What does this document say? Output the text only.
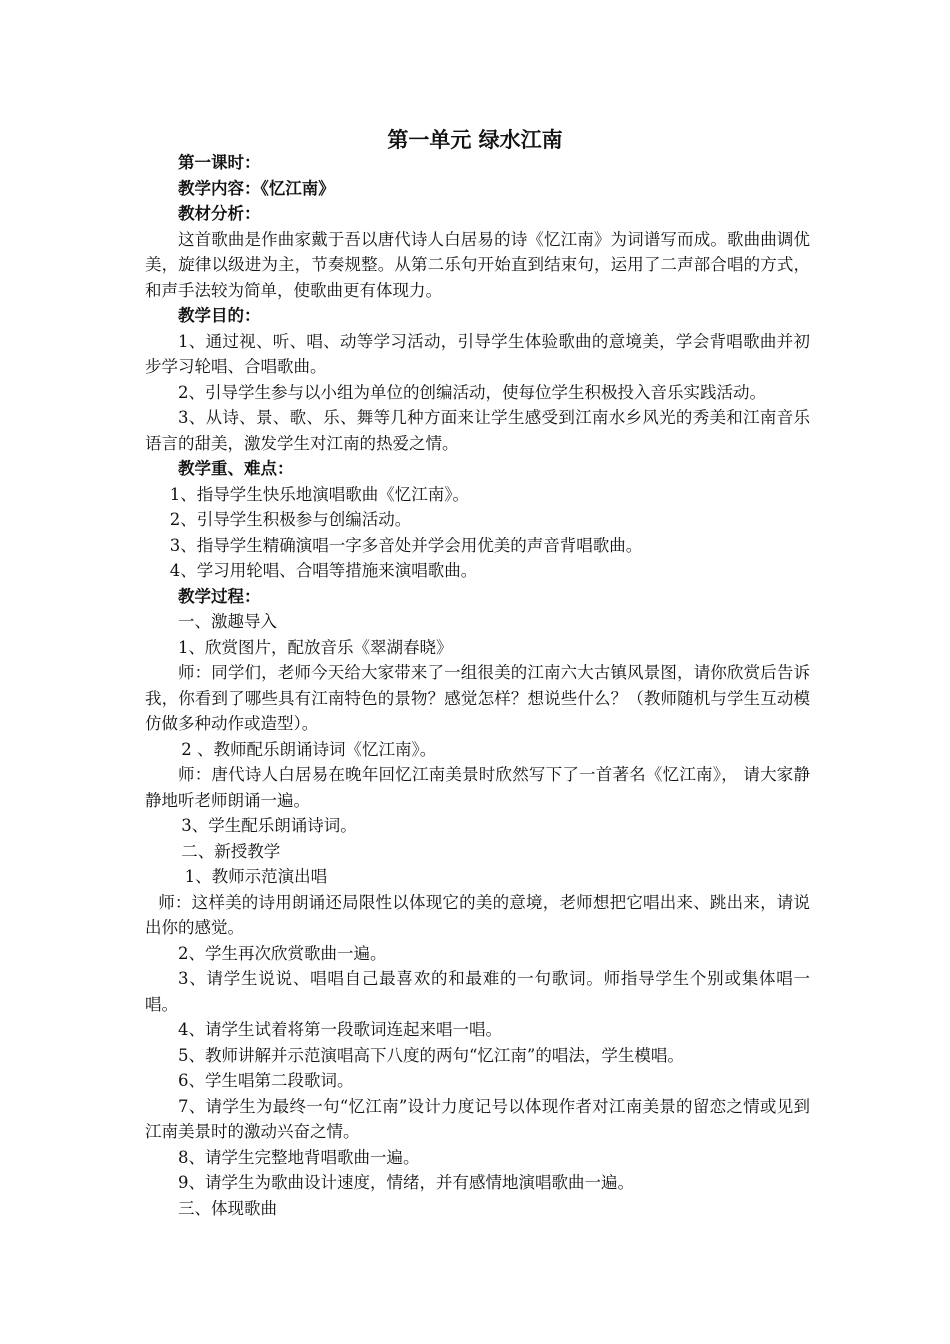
第一单元 绿水江南

第一课时：

教学内容：《忆江南》

教材分析：

这首歌曲是作曲家戴于吾以唐代诗人白居易的诗《忆江南》为词谱写而成。歌曲曲调优美，旋律以级进为主，节奏规整。从第二乐句开始直到结束句，运用了二声部合唱的方式，和声手法较为简单，使歌曲更有体现力。

教学目的：

1、通过视、听、唱、动等学习活动，引导学生体验歌曲的意境美，学会背唱歌曲并初步学习轮唱、合唱歌曲。

2、引导学生参与以小组为单位的创编活动，使每位学生积极投入音乐实践活动。

3、从诗、景、歌、乐、舞等几种方面来让学生感受到江南水乡风光的秀美和江南音乐语言的甜美，激发学生对江南的热爱之情。

教学重、难点：

1、指导学生快乐地演唱歌曲《忆江南》。

2、引导学生积极参与创编活动。

3、指导学生精确演唱一字多音处并学会用优美的声音背唱歌曲。

4、学习用轮唱、合唱等措施来演唱歌曲。

教学过程：

一、激趣导入

1、欣赏图片，配放音乐《翠湖春晓》

师：同学们，老师今天给大家带来了一组很美的江南六大古镇风景图，请你欣赏后告诉我，你看到了哪些具有江南特色的景物？感觉怎样？想说些什么？（教师随机与学生互动模仿做多种动作或造型）。

2 、教师配乐朗诵诗词《忆江南》。

师：唐代诗人白居易在晚年回忆江南美景时欣然写下了一首著名《忆江南》， 请大家静静地听老师朗诵一遍。

3、学生配乐朗诵诗词。

二、新授教学

1、教师示范演出唱

师：这样美的诗用朗诵还局限性以体现它的美的意境，老师想把它唱出来、跳出来，请说出你的感觉。

2、学生再次欣赏歌曲一遍。

3、请学生说说、唱唱自己最喜欢的和最难的一句歌词。师指导学生个别或集体唱一唱。

4、请学生试着将第一段歌词连起来唱一唱。

5、教师讲解并示范演唱高下八度的两句“忆江南”的唱法，学生模唱。

6、学生唱第二段歌词。

7、请学生为最终一句“忆江南”设计力度记号以体现作者对江南美景的留恋之情或见到江南美景时的激动兴奋之情。

8、请学生完整地背唱歌曲一遍。

9、请学生为歌曲设计速度，情绪，并有感情地演唱歌曲一遍。

三、体现歌曲
